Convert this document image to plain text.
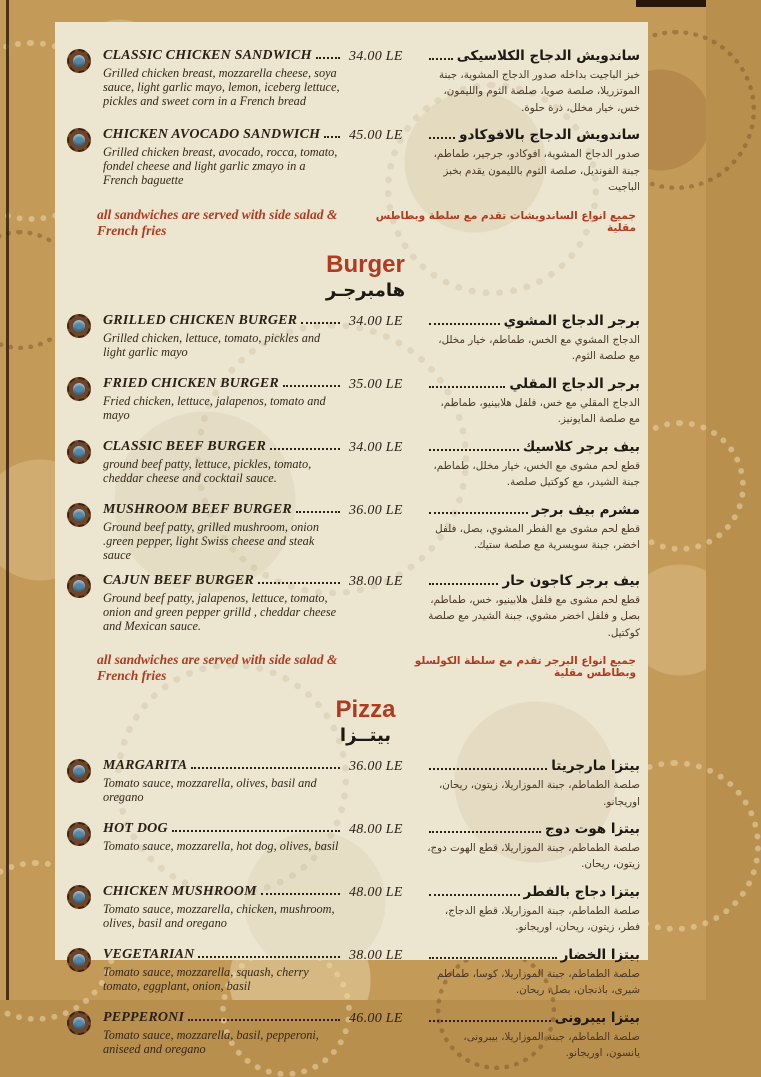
CLASSIC CHICKEN SANDWICH
Grilled chicken breast, mozzarella cheese, soya sauce, light garlic mayo, lemon, iceberg lettuce, pickles and sweet corn in a French bread
34.00 LE	ساندويش الدجاج الكلاسيكى
خبز الباجيت بداخله صدور الدجاج المشوية، جبنة الموتزريلا، صلصة صويا، صلصة الثوم والليمون، خس، خيار مخلل، ذرة حلوة.
CHICKEN AVOCADO SANDWICH
Grilled chicken breast, avocado, rocca, tomato, fondel cheese and light garlic zmayo in a French baguette
45.00 LE	ساندويش الدجاج بالافوكادو
صدور الدجاج المشوية، افوكادو، جرجير، طماطم، جبنة الفونديل، صلصة الثوم بالليمون يقدم بخبز الباجيت
all sandwiches are served with side salad & French fries
جميع انواع الساندويشات تقدم مع سلطة وبطاطس مقلية
Burger
هامبرجـر
GRILLED CHICKEN BURGER
Grilled chicken, lettuce, tomato, pickles and light garlic mayo
34.00 LE	برجر الدجاج المشوي
الدجاج المشوي مع الخس، طماطم، خيار مخلل، مع صلصة الثوم.
FRIED CHICKEN BURGER
Fried chicken, lettuce, jalapenos, tomato and mayo
35.00 LE	برجر الدجاج المقلي
الدجاج المقلي مع خس، فلفل هلابينيو، طماطم، مع صلصة المايونيز.
CLASSIC BEEF BURGER
ground beef patty, lettuce, pickles, tomato, cheddar cheese and cocktail sauce.
34.00 LE	بيف برجر كلاسيك
قطع لحم مشوى مع الخس، خيار مخلل، طماطم، جبنة الشيدر، مع كوكتيل صلصة.
MUSHROOM BEEF BURGER
Ground beef patty, grilled mushroom, onion .green pepper, light Swiss cheese and steak sauce
36.00 LE	مشرم بيف برجر
قطع لحم مشوى مع الفطر المشوي، بصل، فلفل اخضر، جبنة سويسرية مع صلصة ستيك.
CAJUN BEEF BURGER
Ground beef patty, jalapenos, lettuce, tomato, onion and green pepper grilld , cheddar cheese and Mexican sauce.
38.00 LE	بيف برجر كاجون حار
قطع لحم مشوى مع فلفل هلابينيو، خس، طماطم، بصل و فلفل اخضر مشوي، جبنة الشيدر مع صلصة كوكتيل.
all sandwiches are served with side salad & French fries
جميع انواع البرجر تقدم مع سلطة الكولسلو وبطاطس مقلية
Pizza
بيتــزا
MARGARITA
Tomato sauce, mozzarella, olives, basil and oregano
36.00 LE	بيتزا مارجريتا
صلصة الطماطم، جبنة الموزاريلا، زيتون، ريحان، اوريجانو.
HOT DOG
Tomato sauce, mozzarella, hot dog, olives, basil
48.00 LE	بيتزا هوت دوج
صلصة الطماطم، جبنة الموزاريلا، قطع الهوت دوج، زيتون، ريحان.
CHICKEN MUSHROOM
Tomato sauce, mozzarella, chicken, mushroom, olives, basil and oregano
48.00 LE	بيتزا دجاج بالفطر
صلصة الطماطم، جبنة الموزاريلا، قطع الدجاج، فطر، زيتون، ريحان، اوريجانو.
VEGETARIAN
Tomato sauce, mozzarella, squash, cherry tomato, eggplant, onion, basil
38.00 LE	بيتزا الخضار
صلصة الطماطم، جبنة الموزاريلا، كوسا، طماطم شيرى، باذنجان، بصل، ريحان.
PEPPERONI
Tomato sauce, mozzarella, basil, pepperoni, aniseed and oregano
46.00 LE	بيتزا بيبرونى
صلصة الطماطم، جبنة الموزاريلا، بيبرونى، يانسون، اوريجانو.
